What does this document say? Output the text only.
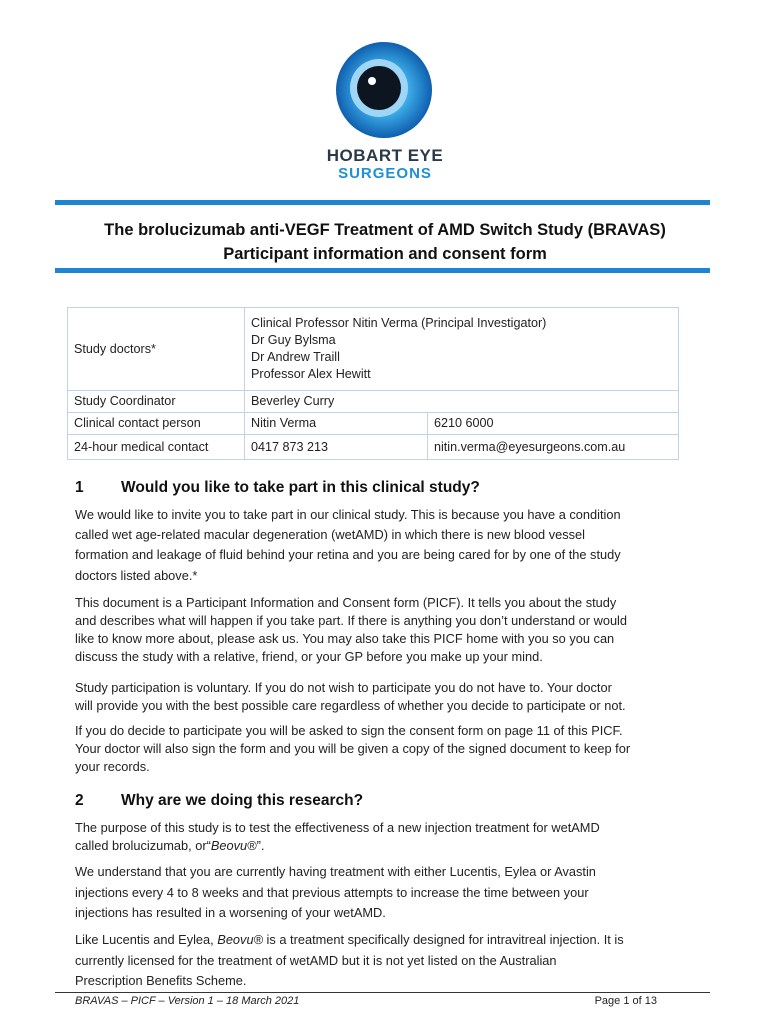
HOBART EYE
SURGEONS
The brolucizumab anti-VEGF Treatment of AMD Switch Study (BRAVAS)
Participant information and consent form
Study doctors*	Clinical Professor Nitin Verma (Principal Investigator)
Dr Guy Bylsma
Dr Andrew Traill
Professor Alex Hewitt	

Study Coordinator	Beverley Curry	
Clinical contact person	Nitin Verma	6210 6000
24-hour medical contact	0417 873 213	nitin.verma@eyesurgeons.com.au
1 Would you like to take part in this clinical study?
We would like to invite you to take part in our clinical study. This is because you have a condition
called wet age-related macular degeneration (wetAMD) in which there is new blood vessel
formation and leakage of fluid behind your retina and you are being cared for by one of the study
doctors listed above.*
This document is a Participant Information and Consent form (PICF). It tells you about the study
and describes what will happen if you take part. If there is anything you don’t understand or would
like to know more about, please ask us. You may also take this PICF home with you so you can
discuss the study with a relative, friend, or your GP before you make up your mind.
Study participation is voluntary. If you do not wish to participate you do not have to. Your doctor
will provide you with the best possible care regardless of whether you decide to participate or not.
If you do decide to participate you will be asked to sign the consent form on page 11 of this PICF.
Your doctor will also sign the form and you will be given a copy of the signed document to keep for
your records.
2 Why are we doing this research?
The purpose of this study is to test the effectiveness of a new injection treatment for wetAMD
called brolucizumab, or“Beovu®”.
We understand that you are currently having treatment with either Lucentis, Eylea or Avastin
injections every 4 to 8 weeks and that previous attempts to increase the time between your
injections has resulted in a worsening of your wetAMD.
Like Lucentis and Eylea, Beovu® is a treatment specifically designed for intravitreal injection. It is
currently licensed for the treatment of wetAMD but it is not yet listed on the Australian
Prescription Benefits Scheme.
BRAVAS – PICF – Version 1 – 18 March 2021	Page 1 of 13
